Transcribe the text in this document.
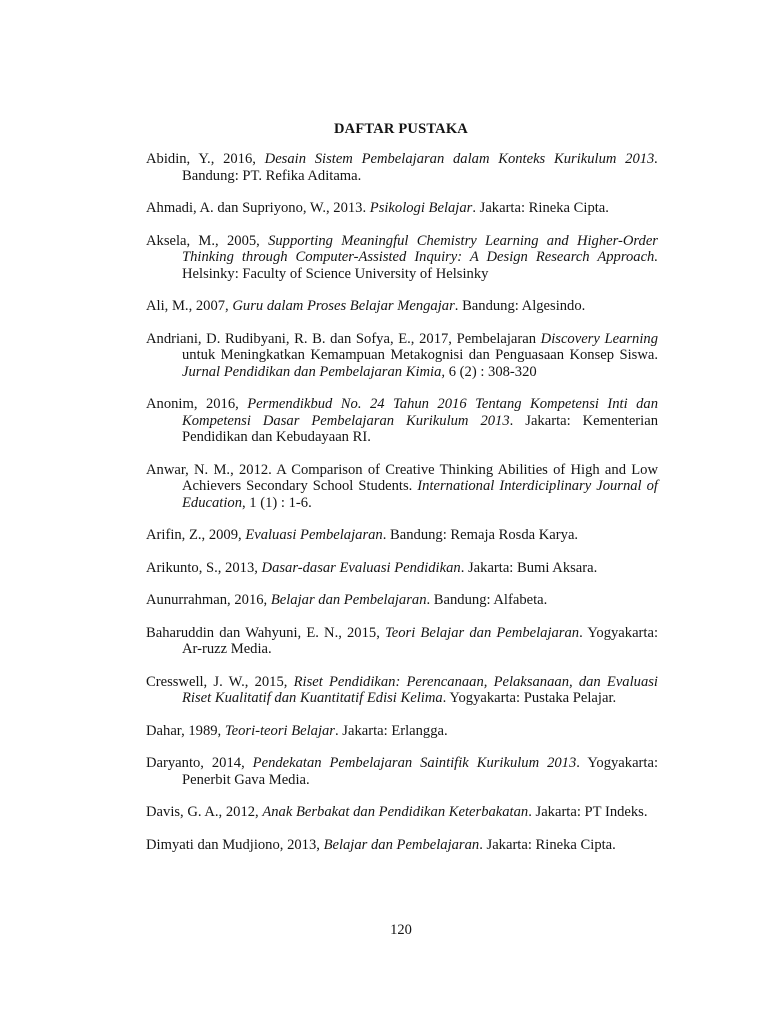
DAFTAR PUSTAKA

Abidin, Y., 2016, Desain Sistem Pembelajaran dalam Konteks Kurikulum 2013. Bandung: PT. Refika Aditama.

Ahmadi, A. dan Supriyono, W., 2013. Psikologi Belajar. Jakarta: Rineka Cipta.

Aksela, M., 2005, Supporting Meaningful Chemistry Learning and Higher-Order Thinking through Computer-Assisted Inquiry: A Design Research Approach. Helsinky: Faculty of Science University of Helsinky

Ali, M., 2007, Guru dalam Proses Belajar Mengajar. Bandung: Algesindo.

Andriani, D. Rudibyani, R. B. dan Sofya, E., 2017, Pembelajaran Discovery Learning untuk Meningkatkan Kemampuan Metakognisi dan Penguasaan Konsep Siswa. Jurnal Pendidikan dan Pembelajaran Kimia, 6 (2) : 308-320

Anonim, 2016, Permendikbud No. 24 Tahun 2016 Tentang Kompetensi Inti dan Kompetensi Dasar Pembelajaran Kurikulum 2013. Jakarta: Kementerian Pendidikan dan Kebudayaan RI.

Anwar, N. M., 2012. A Comparison of Creative Thinking Abilities of High and Low Achievers Secondary School Students. International Interdiciplinary Journal of Education, 1 (1) : 1-6.

Arifin, Z., 2009, Evaluasi Pembelajaran. Bandung: Remaja Rosda Karya.

Arikunto, S., 2013, Dasar-dasar Evaluasi Pendidikan. Jakarta: Bumi Aksara.

Aunurrahman, 2016, Belajar dan Pembelajaran. Bandung: Alfabeta.

Baharuddin dan Wahyuni, E. N., 2015, Teori Belajar dan Pembelajaran. Yogyakarta: Ar-ruzz Media.

Cresswell, J. W., 2015, Riset Pendidikan: Perencanaan, Pelaksanaan, dan Evaluasi Riset Kualitatif dan Kuantitatif Edisi Kelima. Yogyakarta: Pustaka Pelajar.

Dahar, 1989, Teori-teori Belajar. Jakarta: Erlangga.

Daryanto, 2014, Pendekatan Pembelajaran Saintifik Kurikulum 2013. Yogyakarta: Penerbit Gava Media.

Davis, G. A., 2012, Anak Berbakat dan Pendidikan Keterbakatan. Jakarta: PT Indeks.

Dimyati dan Mudjiono, 2013, Belajar dan Pembelajaran. Jakarta: Rineka Cipta.

120
